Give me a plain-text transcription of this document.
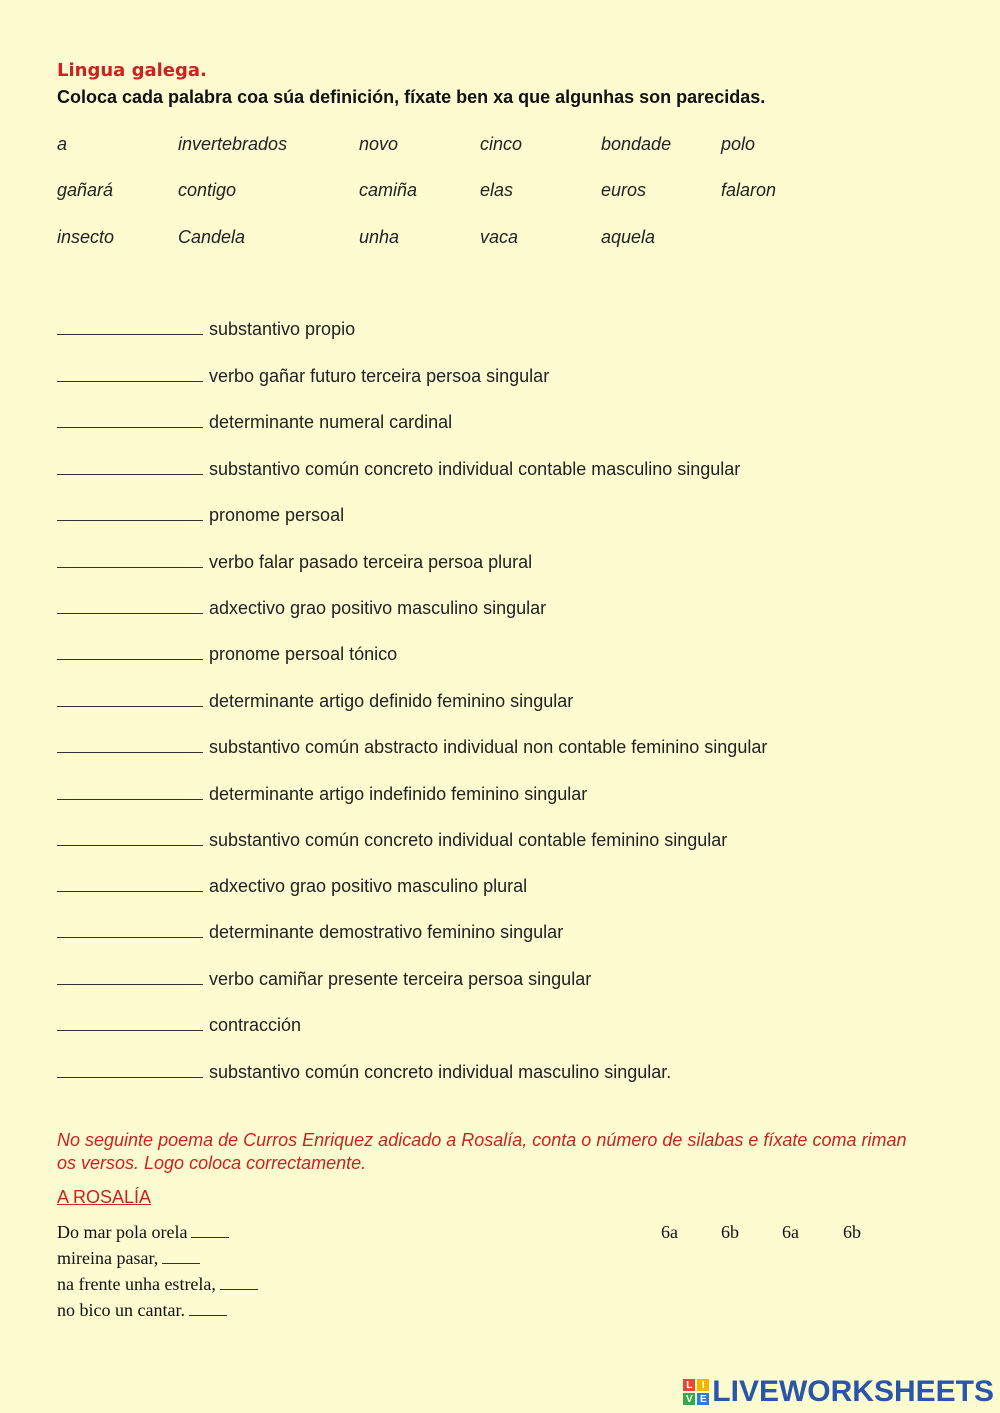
Lingua galega.
Coloca cada palabra coa súa definición, fíxate ben xa que algunhas son parecidas.
a	invertebrados	novo	cinco	bondade	polo
gañará	contigo	camiña	elas	euros	falaron
insecto	Candela	unha	vaca	aquela
substantivo propio
verbo gañar futuro terceira persoa singular
determinante numeral cardinal
substantivo común concreto individual contable masculino singular
pronome persoal
verbo falar pasado terceira persoa plural
adxectivo grao positivo masculino singular
pronome persoal tónico
determinante artigo definido feminino singular
substantivo común abstracto individual non contable feminino singular
determinante artigo indefinido feminino singular
substantivo común concreto individual contable feminino singular
adxectivo grao positivo masculino plural
determinante demostrativo feminino singular
verbo camiñar presente terceira persoa singular
contracción
substantivo común concreto individual masculino singular.
No seguinte poema de Curros Enriquez adicado a Rosalía, conta o número de silabas e fíxate coma riman os versos. Logo coloca correctamente.
A ROSALÍA
Do mar pola orela
mireina pasar,
na frente unha estrela,
no bico un cantar.
6a 6b 6a 6b
L I
V E LIVEWORKSHEETS
